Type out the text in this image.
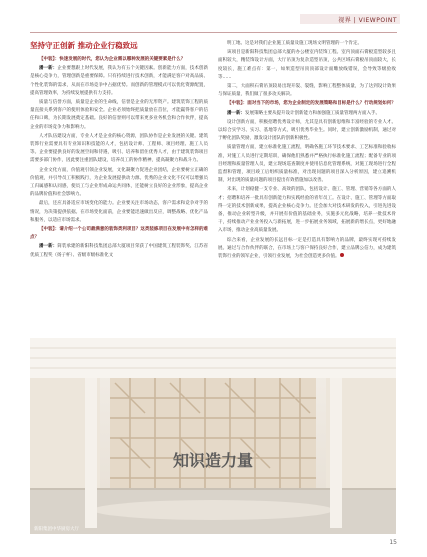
视界 | VIEWPOINT
坚持守正创新 推动企业行稳致远

【中装】：快速发展的时代，您认为企业需以哪种发展的关键要素是什么？

潘一新：企业要想跟上时代发展，我认为有五个关键因素。创新能力方面，技术创新是核心竞争力，管理创新是重要保障。只有持续进行技术创新，才能满足客户对高品质、个性化装饰的需求，从而在市场竞争中占据优势。而创新的管理模式可以优化资源配置，提高管理效率，为持续发展提供有力支持。

质量与信誉方面，质量是企业的生命线，信誉是企业的无形资产。建筑装饰工程的质量直接关系到客户的使用体验和安全。企业必须始终把质量放在首位，才能赢得客户的信任和口碑，为长期发展奠定基础。良好的信誉则可以带来更多业务机会和合作伙伴，提高企业的市场竞争力和影响力。

人才队伍建设方面，专业人才是企业的核心资源，团队协作是企业发展的关键。建筑装饰行业需要具有专业知识和技能的人才，包括设计师、工程师、项目经理、施工人员等。企业要提供良好的发展空间和待遇，吸引、培养和留住优秀人才，由于建筑装饰项目需要多部门协作，因此要注重团队建设，培养员工的协作精神，提高凝聚力和战斗力。

企业文化方面，价值观引领企业发展，文化凝聚力促进企业团结，企业要树立正确的价值观，并引导员工积极践行，为企业发展提供动力源。优秀的企业文化不仅可以增强员工归属感和认同感，使员工与企业形成命运共同体，还能树立良好的企业形象，提高企业的品牌价值和社会影响力。

最后，还应具备适应市场变化的能力。企业要关注市场动态，客户需求和竞争对手的情况，为决策提供依据。在市场变化面前，企业要能迅速做出反应，调整战略、优化产品和服务，以适应市场需求。

【中装】：请介绍一个公司最满意的装饰类利项目？这类装修项目在发展中有怎样的难点？

潘一新：简装承建的新阳科技集团总部大厦项目荣获了中国建筑工程装饰奖、江苏省优质工程奖（扬子杯）、省级市级标准化文

明工地、这是对我们企业施工质量及施工现场文明管理的一个肯定。

该项目是新阳科技集团总部大厦的办公楼室内装饰工程。室内顶面石膏板造型较多且面积较大，精装饰设计方面，大厅吊顶为复杂造型吊顶，公共区域石膏板吊顶面较大，长度较长，施工难点有：第一，如果造型吊顶顶部设计面雕放线错误，会导致等级验收等……

第二，大面积石膏吊顶较易出现开裂、裂缝，影响工程整体质量，为了达到设计效果与保证质量，我们做了很多攻关解决。

【中装】：面对当下的市场，您为企业制定的发展策略和目标是什么？行动规划如何？

潘一新：发展策略主要从提升设计创新能力和加强施工质量管理两方面入手。

设计创新方面，积极招聘优秀设计师，尤其是具有创新思维和丰富经验的专业人才。以综合实学习、实习、基地等方式，吸引优秀毕业生。同时，建立创新激励机制，通过对于孵化团队奖励，激发设计团队的创新积极性。

质量管理方面，建立标准化施工流程，明确各施工环节技术要求、工艺标准和验收标准，对施工人员进行定期培训，确保他们熟悉并严格执行标准化施工流程；配备专业的项目经理和质量管理人员，建立现场巡查制度并使用信息化管理系统，对施工现场进行全程监督和管理，项目竣工后组织质量标准，对出现问题的项目深入分析原因，建立追溯机制，对出现的质量问题的项目提出有效措施加以改善。

未来，计划稳健一支专业、高效的团队，包括设计、施工、管理、营销等各方面的人才；招聘和培养一批具有创新能力和实践经验的青年员工。在设计、施工、管理等方面取得一定的技术创新成果，提高企业核心竞争力。还会加大对技术研发的投入，引进先进设备，推动企业转型升级，并开展有价值的基础业务，实施多元化战略，培养一批技术骨干，持续推动产业业务投入与新拓展，进一步拓展业务领域，拓展新的增长点，更好地融入市场，推动企业高质量发展。

综合来看，企业发展的长远目标一定是打造具有影响力的品牌，最终实现可持续发展。通过与合作伙伴的联合，在市场上与客户保持良好合作，建立品牌公信力，成为建筑装饰行业的领军企业，引领行业发展，为社会创造更多价值。

知识造力量
新阳集团中华厨房大厅
15
